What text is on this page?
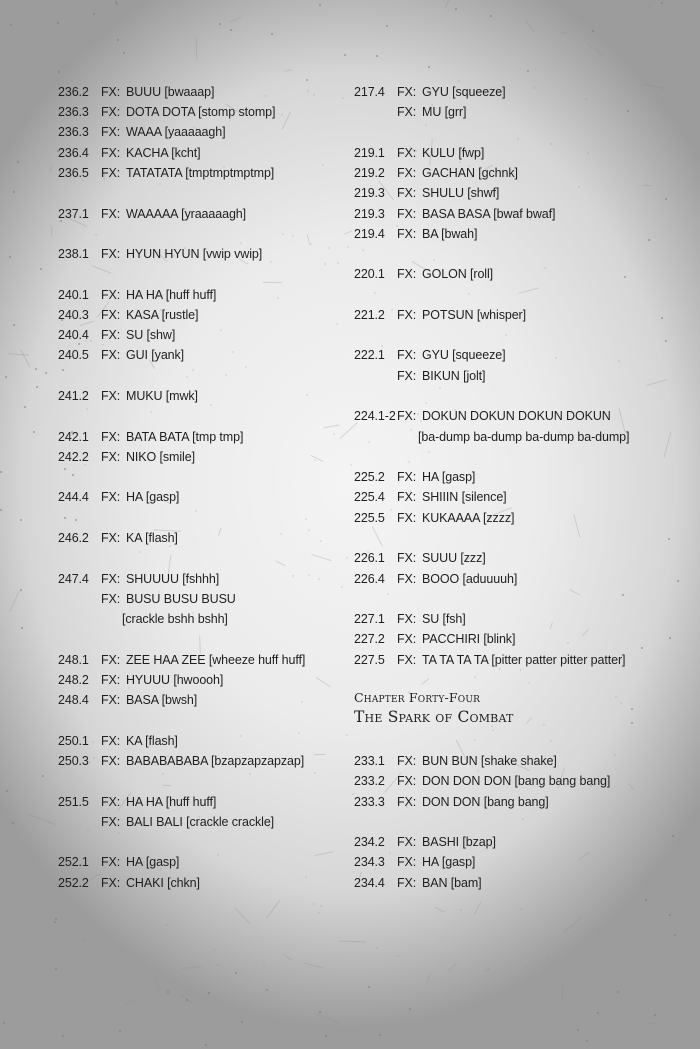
236.2 FX: BUUU [bwaaap]
236.3 FX: DOTA DOTA [stomp stomp]
236.3 FX: WAAA [yaaaaagh]
236.4 FX: KACHA [kcht]
236.5 FX: TATATATA [tmptmptmptmp]
237.1 FX: WAAAAA [yraaaaagh]
238.1 FX: HYUN HYUN [vwip vwip]
240.1 FX: HA HA [huff huff]
240.3 FX: KASA [rustle]
240.4 FX: SU [shw]
240.5 FX: GUI [yank]
241.2 FX: MUKU [mwk]
242.1 FX: BATA BATA [tmp tmp]
242.2 FX: NIKO [smile]
244.4 FX: HA [gasp]
246.2 FX: KA [flash]
247.4 FX: SHUUUU [fshhh]
FX: BUSU BUSU BUSU
[crackle bshh bshh]
248.1 FX: ZEE HAA ZEE [wheeze huff huff]
248.2 FX: HYUUU [hwoooh]
248.4 FX: BASA [bwsh]
250.1 FX: KA [flash]
250.3 FX: BABABABABA [bzapzapzapzap]
251.5 FX: HA HA [huff huff]
FX: BALI BALI [crackle crackle]
252.1 FX: HA [gasp]
252.2 FX: CHAKI [chkn]
217.4 FX: GYU [squeeze]
FX: MU [grr]
219.1 FX: KULU [fwp]
219.2 FX: GACHAN [gchnk]
219.3 FX: SHULU [shwf]
219.3 FX: BASA BASA [bwaf bwaf]
219.4 FX: BA [bwah]
220.1 FX: GOLON [roll]
221.2 FX: POTSUN [whisper]
222.1 FX: GYU [squeeze]
FX: BIKUN [jolt]
224.1-2 FX: DOKUN DOKUN DOKUN DOKUN
[ba-dump ba-dump ba-dump ba-dump]
225.2 FX: HA [gasp]
225.4 FX: SHIIIN [silence]
225.5 FX: KUKAAAA [zzzz]
226.1 FX: SUUU [zzz]
226.4 FX: BOOO [aduuuuh]
227.1 FX: SU [fsh]
227.2 FX: PACCHIRI [blink]
227.5 FX: TA TA TA TA [pitter patter pitter patter]
233.1 FX: BUN BUN [shake shake]
233.2 FX: DON DON DON [bang bang bang]
233.3 FX: DON DON [bang bang]
234.2 FX: BASHI [bzap]
234.3 FX: HA [gasp]
234.4 FX: BAN [bam]
Chapter Forty-Four
The Spark of Combat
